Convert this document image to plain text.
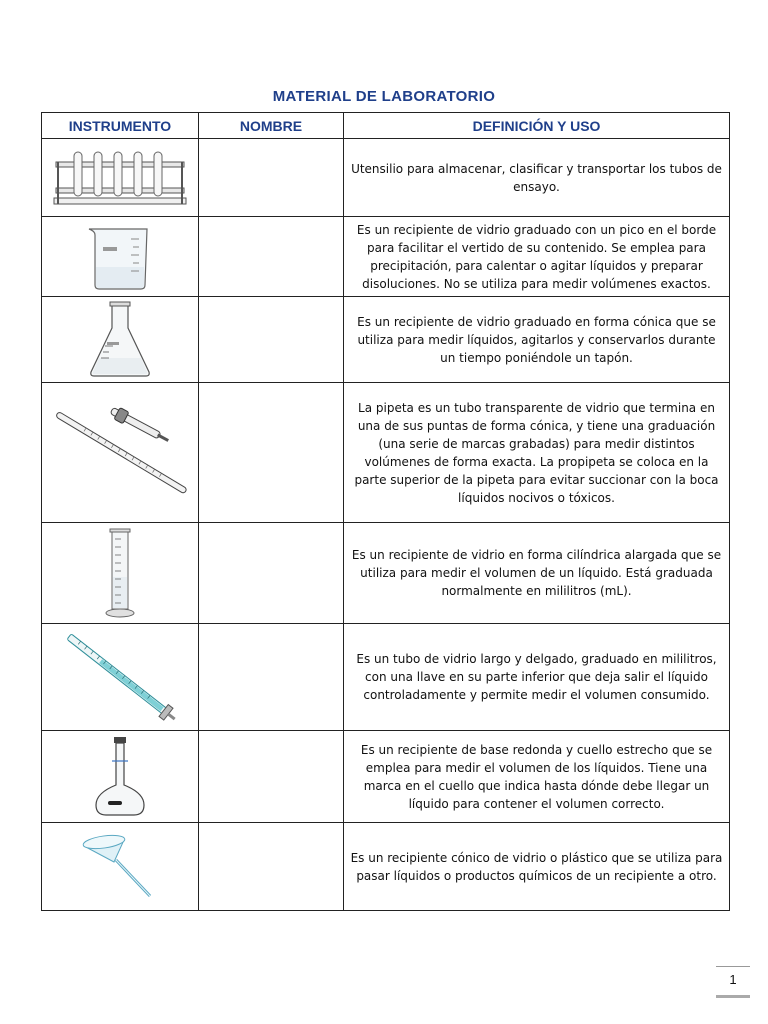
MATERIAL DE LABORATORIO
INSTRUMENTO	NOMBRE	DEFINICIÓN Y USO

		Utensilio para almacenar, clasificar y transportar los tubos de ensayo.

		Es un recipiente de vidrio graduado con un pico en el borde para facilitar el vertido de su contenido. Se emplea para precipitación, para calentar o agitar líquidos y preparar disoluciones. No se utiliza para medir volúmenes exactos.

		Es un recipiente de vidrio graduado en forma cónica que se utiliza para medir líquidos, agitarlos y conservarlos durante un tiempo poniéndole un tapón.

		La pipeta es un tubo transparente de vidrio que termina en una de sus puntas de forma cónica, y tiene una graduación (una serie de marcas grabadas) para medir distintos volúmenes de forma exacta. La propipeta se coloca en la parte superior de la pipeta para evitar succionar con la boca líquidos nocivos o tóxicos.

		Es un recipiente de vidrio en forma cilíndrica alargada que se utiliza para medir el volumen de un líquido. Está graduada normalmente en mililitros (mL).

		Es un tubo de vidrio largo y delgado, graduado en mililitros, con una llave en su parte inferior que deja salir el líquido controladamente y permite medir el volumen consumido.

		Es un recipiente de base redonda y cuello estrecho que se emplea para medir el volumen de los líquidos. Tiene una marca en el cuello que indica hasta dónde debe llegar un líquido para contener el volumen correcto.

		Es un recipiente cónico de vidrio o plástico que se utiliza para pasar líquidos o productos químicos de un recipiente a otro.
1
